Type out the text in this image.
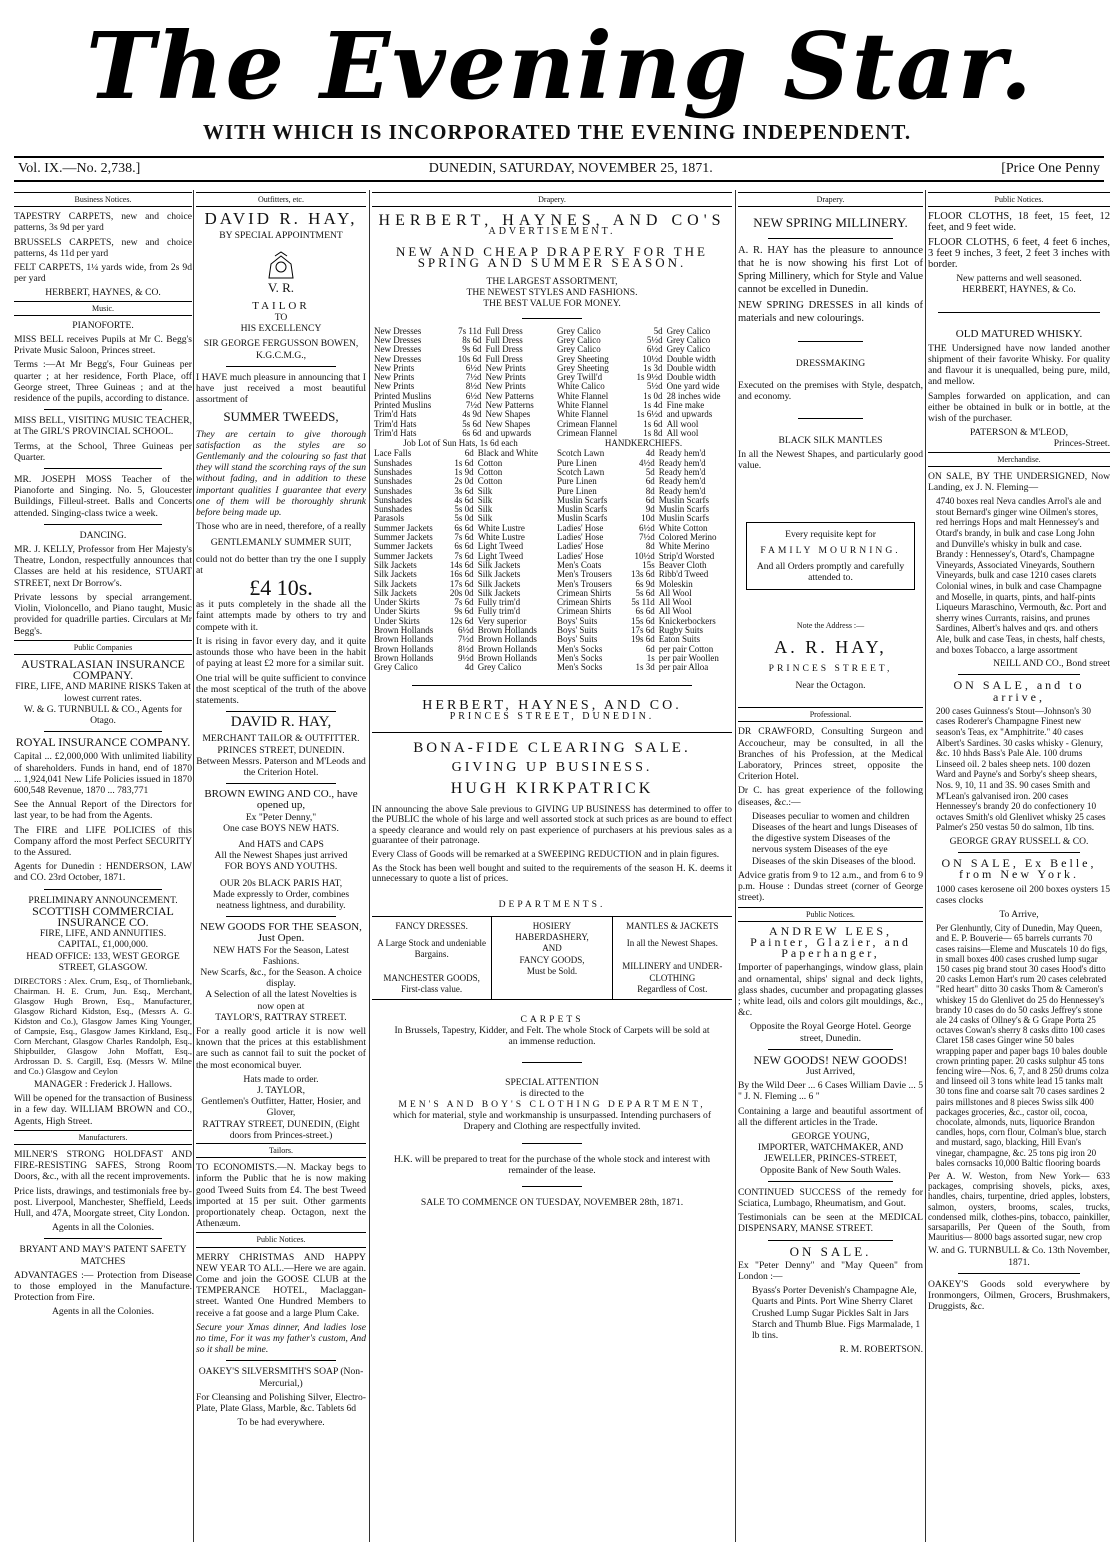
The Evening Star.
WITH WHICH IS INCORPORATED THE EVENING INDEPENDENT.
Vol. IX.—No. 2,738.]	DUNEDIN, SATURDAY, NOVEMBER 25, 1871.	[Price One Penny
Business Notices.
TAPESTRY CARPETS, new and choice patterns, 3s 9d per yard
BRUSSELS CARPETS, new and choice patterns, 4s 11d per yard
FELT CARPETS, 1¼ yards wide, from 2s 9d per yard
HERBERT, HAYNES, & CO.
Music.
PIANOFORTE.
MISS BELL receives Pupils at Mr C. Begg's Private Music Saloon, Princes street.
Terms :—At Mr Begg's, Four Guineas per quarter ; at her residence, Forth Place, off George street, Three Guineas ; and at the residence of the pupils, according to distance.
MISS BELL, VISITING MUSIC TEACHER, at The GIRL'S PROVINCIAL SCHOOL.
Terms, at the School, Three Guineas per Quarter.
MR. JOSEPH MOSS Teacher of the Pianoforte and Singing. No. 5, Gloucester Buildings, Filleul-street. Balls and Concerts attended. Singing-class twice a week.
DANCING.
MR. J. KELLY, Professor from Her Majesty's Theatre, London, respectfully announces that Classes are held at his residence, STUART STREET, next Dr Borrow's.
Private lessons by special arrangement. Violin, Violoncello, and Piano taught, Music provided for quadrille parties. Circulars at Mr Begg's.
Public Companies
AUSTRALASIAN INSURANCE COMPANY.
FIRE, LIFE, AND MARINE RISKS Taken at lowest current rates.
W. & G. TURNBULL & CO., Agents for Otago.
ROYAL INSURANCE COMPANY.
Capital ... £2,000,000 With unlimited liability of shareholders. Funds in hand, end of 1870 ... 1,924,041 New Life Policies issued in 1870 600,548 Revenue, 1870 ... 783,771
See the Annual Report of the Directors for last year, to be had from the Agents.
The FIRE and LIFE POLICIES of this Company afford the most Perfect SECURITY to the Assured.
Agents for Dunedin : HENDERSON, LAW and CO. 23rd October, 1871.
PRELIMINARY ANNOUNCEMENT.
SCOTTISH COMMERCIAL INSURANCE CO.
FIRE, LIFE, AND ANNUITIES.
CAPITAL, £1,000,000.
HEAD OFFICE: 133, WEST GEORGE STREET, GLASGOW.
DIRECTORS : Alex. Crum, Esq., of Thornliebank, Chairman. H. E. Crum, Jun. Esq., Merchant, Glasgow Hugh Brown, Esq., Manufacturer, Glasgow Richard Kidston, Esq., (Messrs A. G. Kidston and Co.), Glasgow James King Younger, of Campsie, Esq., Glasgow James Kirkland, Esq., Corn Merchant, Glasgow Charles Randolph, Esq., Shipbuilder, Glasgow John Moffatt, Esq., Ardrossan D. S. Cargill, Esq. (Messrs W. Milne and Co.) Glasgow and Ceylon
MANAGER : Frederick J. Hallows.
Will be opened for the transaction of Business in a few day. WILLIAM BROWN and CO., Agents, High Street.
Manufacturers.
MILNER'S STRONG HOLDFAST AND FIRE-RESISTING SAFES, Strong Room Doors, &c., with all the recent improvements.
Price lists, drawings, and testimonials free by-post. Liverpool, Manchester, Sheffield, Leeds Hull, and 47A, Moorgate street, City London.
Agents in all the Colonies.
BRYANT AND MAY'S PATENT SAFETY MATCHES
ADVANTAGES :— Protection from Disease to those employed in the Manufacture. Protection from Fire.
Agents in all the Colonies.
Outfitters, etc.
DAVID R. HAY,
BY SPECIAL APPOINTMENT
V. R.
TAILOR
TO
HIS EXCELLENCY
SIR GEORGE FERGUSSON BOWEN, K.G.C.M.G.,
I HAVE much pleasure in announcing that I have just received a most beautiful assortment of
SUMMER TWEEDS,
They are certain to give thorough satisfaction as the styles are so Gentlemanly and the colouring so fast that they will stand the scorching rays of the sun without fading, and in addition to these important qualities I guarantee that every one of them will be thoroughly shrunk before being made up.
Those who are in need, therefore, of a really
GENTLEMANLY SUMMER SUIT,
could not do better than try the one I supply at
£4 10s.
as it puts completely in the shade all the faint attempts made by others to try and compete with it.
It is rising in favor every day, and it quite astounds those who have been in the habit of paying at least £2 more for a similar suit.
One trial will be quite sufficient to convince the most sceptical of the truth of the above statements.
DAVID R. HAY,
MERCHANT TAILOR & OUTFITTER.
PRINCES STREET, DUNEDIN.
Between Messrs. Paterson and M'Leods and the Criterion Hotel.
BROWN EWING AND CO., have opened up,
Ex "Peter Denny,"
One case BOYS NEW HATS.
And HATS and CAPS
All the Newest Shapes just arrived
FOR BOYS AND YOUTHS.
OUR 20s BLACK PARIS HAT,
Made expressly to Order, combines neatness lightness, and durability.
NEW GOODS FOR THE SEASON, Just Open.
NEW HATS For the Season, Latest Fashions.
New Scarfs, &c., for the Season. A choice display.
A Selection of all the latest Novelties is now open at
TAYLOR'S, RATTRAY STREET.
For a really good article it is now well known that the prices at this establishment are such as cannot fail to suit the pocket of the most economical buyer.
Hats made to order.
J. TAYLOR,
Gentlemen's Outfitter, Hatter, Hosier, and Glover,
RATTRAY STREET, DUNEDIN, (Eight doors from Princes-street.)
Tailors.
TO ECONOMISTS.—N. Mackay begs to inform the Public that he is now making good Tweed Suits from £4. The best Tweed imported at 15 per suit. Other garments proportionately cheap. Octagon, next the Athenæum.
Public Notices.
MERRY CHRISTMAS AND HAPPY NEW YEAR TO ALL.—Here we are again. Come and join the GOOSE CLUB at the TEMPERANCE HOTEL, Maclaggan-street. Wanted One Hundred Members to receive a fat goose and a large Plum Cake.
Secure your Xmas dinner, And ladies lose no time, For it was my father's custom, And so it shall be mine.
OAKEY'S SILVERSMITH'S SOAP (Non-Mercurial,)
For Cleansing and Polishing Silver, Electro-Plate, Plate Glass, Marble, &c. Tablets 6d
To be had everywhere.
Drapery.
HERBERT, HAYNES, AND CO'S
ADVERTISEMENT.
NEW AND CHEAP DRAPERY FOR THE SPRING AND SUMMER SEASON.
THE LARGEST ASSORTMENT,
THE NEWEST STYLES AND FASHIONS.
THE BEST VALUE FOR MONEY.
New Dresses	7s 11d	Full Dress
New Dresses	8s 6d	Full Dress
New Dresses	9s 6d	Full Dress
New Dresses	10s 6d	Full Dress
New Prints	6½d	New Prints
New Prints	7½d	New Prints
New Prints	8½d	New Prints
Printed Muslins	6½d	New Patterns
Printed Muslins	7½d	New Patterns

Trim'd Hats	4s 9d	New Shapes
Trim'd Hats	5s 6d	New Shapes
Trim'd Hats	6s 6d	and upwards
Job Lot of Sun Hats, 1s 6d each
Lace Falls	6d	Black and White
Sunshades	1s 6d	Cotton
Sunshades	1s 9d	Cotton
Sunshades	2s 0d	Cotton
Sunshades	3s 6d	Silk
Sunshades	4s 6d	Silk
Sunshades	5s 0d	Silk
Parasols	5s 0d	Silk

Summer Jackets	6s 6d	White Lustre
Summer Jackets	7s 6d	White Lustre
Summer Jackets	6s 6d	Light Tweed
Summer Jackets	7s 6d	Light Tweed
Silk Jackets	14s 6d	Silk Jackets
Silk Jackets	16s 6d	Silk Jackets
Silk Jackets	17s 6d	Silk Jackets
Silk Jackets	20s 0d	Silk Jackets

Under Skirts	7s 6d	Fully trim'd
Under Skirts	9s 6d	Fully trim'd
Under Skirts	12s 6d	Very superior
Brown Hollands	6½d	Brown Hollands
Brown Hollands	7½d	Brown Hollands
Brown Hollands	8½d	Brown Hollands
Brown Hollands	9½d	Brown Hollands
Grey Calico	4d	Grey Calico
Grey Calico	5d	Grey Calico
Grey Calico	5½d	Grey Calico
Grey Calico	6½d	Grey Calico
Grey Sheeting	10½d	Double width
Grey Sheeting	1s 3d	Double width
Grey Twill'd	1s 9½d	Double width
White Calico	5½d	One yard wide
White Flannel	1s 0d	28 inches wide
White Flannel	1s 4d	Fine make
White Flannel	1s 6½d	and upwards
Crimean Flannel	1s 6d	All wool
Crimean Flannel	1s 8d	All wool
HANDKERCHIEFS.
Scotch Lawn	4d	Ready hem'd
Pure Linen	4½d	Ready hem'd
Scotch Lawn	5d	Ready hem'd
Pure Linen	6d	Ready hem'd
Pure Linen	8d	Ready hem'd

Muslin Scarfs	6d	Muslin Scarfs
Muslin Scarfs	9d	Muslin Scarfs
Muslin Scarfs	10d	Muslin Scarfs

Ladies' Hose	6½d	White Cotton
Ladies' Hose	7½d	Colored Merino
Ladies' Hose	8d	White Merino
Ladies' Hose	10½d	Strip'd Worsted

Men's Coats	15s	Beaver Cloth
Men's Trousers	13s 6d	Ribb'd Tweed
Men's Trousers	6s 9d	Moleskin
Crimean Shirts	5s 6d	All Wool
Crimean Shirts	5s 11d	All Wool
Crimean Shirts	6s 6d	All Wool
Boys' Suits	15s 6d	Knickerbockers
Boys' Suits	17s 6d	Rugby Suits
Boys' Suits	19s 6d	Eaton Suits
Men's Socks	6d	per pair Cotton
Men's Socks	1s	per pair Woollen
Men's Socks	1s 3d	per pair Alloa
HERBERT, HAYNES, AND CO.
PRINCES STREET, DUNEDIN.
BONA-FIDE CLEARING SALE.
GIVING UP BUSINESS.
HUGH KIRKPATRICK
IN announcing the above Sale previous to GIVING UP BUSINESS has determined to offer to the PUBLIC the whole of his large and well assorted stock at such prices as are bound to effect a speedy clearance and would rely on past experience of purchasers at his previous sales as a guarantee of their patronage.
Every Class of Goods will be remarked at a SWEEPING REDUCTION and in plain figures.
As the Stock has been well bought and suited to the requirements of the season H. K. deems it unnecessary to quote a list of prices.
DEPARTMENTS.
FANCY DRESSES.
A Large Stock and undeniable Bargains.
MANCHESTER GOODS,
First-class value.
HOSIERY
HABERDASHERY,
AND
FANCY GOODS,
Must be Sold.
MANTLES & JACKETS
In all the Newest Shapes.
MILLINERY and UNDER-CLOTHING
Regardless of Cost.
CARPETS
In Brussels, Tapestry, Kidder, and Felt. The whole Stock of Carpets will be sold at an immense reduction.
SPECIAL ATTENTION
is directed to the
MEN'S AND BOY'S CLOTHING DEPARTMENT,
which for material, style and workmanship is unsurpassed. Intending purchasers of Drapery and Clothing are respectfully invited.
H.K. will be prepared to treat for the purchase of the whole stock and interest with remainder of the lease.
SALE TO COMMENCE ON TUESDAY, NOVEMBER 28th, 1871.
Drapery.
NEW SPRING MILLINERY.
A. R. HAY has the pleasure to announce that he is now showing his first Lot of Spring Millinery, which for Style and Value cannot be excelled in Dunedin.
NEW SPRING DRESSES in all kinds of materials and new colourings.
DRESSMAKING
Executed on the premises with Style, despatch, and economy.
BLACK SILK MANTLES
In all the Newest Shapes, and particularly good value.
Every requisite kept for
FAMILY MOURNING.
And all Orders promptly and carefully attended to.
Note the Address :—
A. R. HAY,
PRINCES STREET,
Near the Octagon.
Professional.
DR CRAWFORD, Consulting Surgeon and Accoucheur, may be consulted, in all the Branches of his Profession, at the Medical Laboratory, Princes street, opposite the Criterion Hotel.
Dr C. has great experience of the following diseases, &c.:—
Diseases peculiar to women and children Diseases of the heart and lungs Diseases of the digestive system Diseases of the nervous system Diseases of the eye Diseases of the skin Diseases of the blood.
Advice gratis from 9 to 12 a.m., and from 6 to 9 p.m. House : Dundas street (corner of George street).
Public Notices.
ANDREW LEES, Painter, Glazier, and Paperhanger,
Importer of paperhangings, window glass, plain and ornamental, ships' signal and deck lights, glass shades, cucumber and propagating glasses ; white lead, oils and colors gilt mouldings, &c., &c.
Opposite the Royal George Hotel. George street, Dunedin.
NEW GOODS! NEW GOODS!
Just Arrived,
By the Wild Deer ... 6 Cases William Davie ... 5 " J. N. Fleming ... 6 "
Containing a large and beautiful assortment of all the different articles in the Trade.
GEORGE YOUNG,
IMPORTER, WATCHMAKER, AND JEWELLER, PRINCES-STREET,
Opposite Bank of New South Wales.
CONTINUED SUCCESS of the remedy for Sciatica, Lumbago, Rheumatism, and Gout.
Testimonials can be seen at the MEDICAL DISPENSARY, MANSE STREET.
ON SALE.
Ex "Peter Denny" and "May Queen" from London :—
Byass's Porter Devenish's Champagne Ale, Quarts and Pints. Port Wine Sherry Claret Crushed Lump Sugar Pickles Salt in Jars Starch and Thumb Blue. Figs Marmalade, 1 lb tins.
R. M. ROBERTSON.
Public Notices.
FLOOR CLOTHS, 18 feet, 15 feet, 12 feet, and 9 feet wide.
FLOOR CLOTHS, 6 feet, 4 feet 6 inches, 3 feet 9 inches, 3 feet, 2 feet 3 inches with border.
New patterns and well seasoned.
HERBERT, HAYNES, & Co.
OLD MATURED WHISKY.
THE Undersigned have now landed another shipment of their favorite Whisky. For quality and flavour it is unequalled, being pure, mild, and mellow.
Samples forwarded on application, and can either be obtained in bulk or in bottle, at the wish of the purchaser.
PATERSON & M'LEOD,
Princes-Street.
Merchandise.
ON SALE, BY THE UNDERSIGNED, Now Landing, ex J. N. Fleming—
4740 boxes real Neva candles Arrol's ale and stout Bernard's ginger wine Oilmen's stores, red herrings Hops and malt Hennessey's and Otard's brandy, in bulk and case Long John and Dunville's whisky in bulk and case. Brandy : Hennessey's, Otard's, Champagne Vineyards, Associated Vineyards, Southern Vineyards, bulk and case 1210 cases clarets Colonial wines, in bulk and case Champagne and Moselle, in quarts, pints, and half-pints Liqueurs Maraschino, Vermouth, &c. Port and sherry wines Currants, raisins, and prunes Sardines, Albert's halves and qrs. and others Ale, bulk and case Teas, in chests, half chests, and boxes Tobacco, a large assortment
NEILL AND CO., Bond street
ON SALE, and to arrive,
200 cases Guinness's Stout—Johnson's 30 cases Roderer's Champagne Finest new season's Teas, ex "Amphitrite." 40 cases Albert's Sardines. 30 casks whisky - Glenury, &c. 10 hhds Bass's Pale Ale. 100 drums Linseed oil. 2 bales sheep nets. 100 dozen Ward and Payne's and Sorby's sheep shears, Nos. 9, 10, 11 and 3S. 90 cases Smith and M'Lean's galvanised iron. 200 cases Hennessey's brandy 20 do confectionery 10 octaves Smith's old Glenlivet whisky 25 cases Palmer's 250 vestas 50 do salmon, 1lb tins.
GEORGE GRAY RUSSELL & CO.
ON SALE, Ex Belle, from New York.
1000 cases kerosene oil 200 boxes oysters 15 cases clocks
To Arrive,
Per Glenhuntly, City of Dunedin, May Queen, and E. P. Bouverie— 65 barrels currants 70 cases raisins—Eleme and Muscatels 10 do figs, in small boxes 400 cases crushed lump sugar 150 cases pig brand stout 30 cases Hood's ditto 20 casks Lemon Hart's rum 20 cases celebrated "Red heart" ditto 30 casks Thom & Cameron's whiskey 15 do Glenlivet do 25 do Hennessey's brandy 10 cases do do 50 casks Jeffrey's stone ale 24 casks of Ollney's & G Grape Porta 25 octaves Cowan's sherry 8 casks ditto 100 cases Claret 158 cases Ginger wine 50 bales wrapping paper and paper bags 10 bales double crown printing paper. 20 casks sulphur 45 tons fencing wire—Nos. 6, 7, and 8 250 drums colza and linseed oil 3 tons white lead 15 tanks malt 30 tons fine and coarse salt 70 cases sardines 2 pairs millstones and 8 pieces Swiss silk 400 packages groceries, &c., castor oil, cocoa, chocolate, almonds, nuts, liquorice Brandon candles, hops, corn flour, Colman's blue, starch and mustard, sago, blacking, Hill Evan's vinegar, champagne, &c. 25 tons pig iron 20 bales cornsacks 10,000 Baltic flooring boards
Per A. W. Weston, from New York— 633 packages, comprising shovels, picks, axes, handles, chairs, turpentine, dried apples, lobsters, salmon, oysters, brooms, scales, trucks, condensed milk, clothes-pins, tobacco, painkiller, sarsaparills, Per Queen of the South, from Mauritius— 8000 bags assorted sugar, new crop
W. and G. TURNBULL & Co. 13th November, 1871.
OAKEY'S Goods sold everywhere by Ironmongers, Oilmen, Grocers, Brushmakers, Druggists, &c.
